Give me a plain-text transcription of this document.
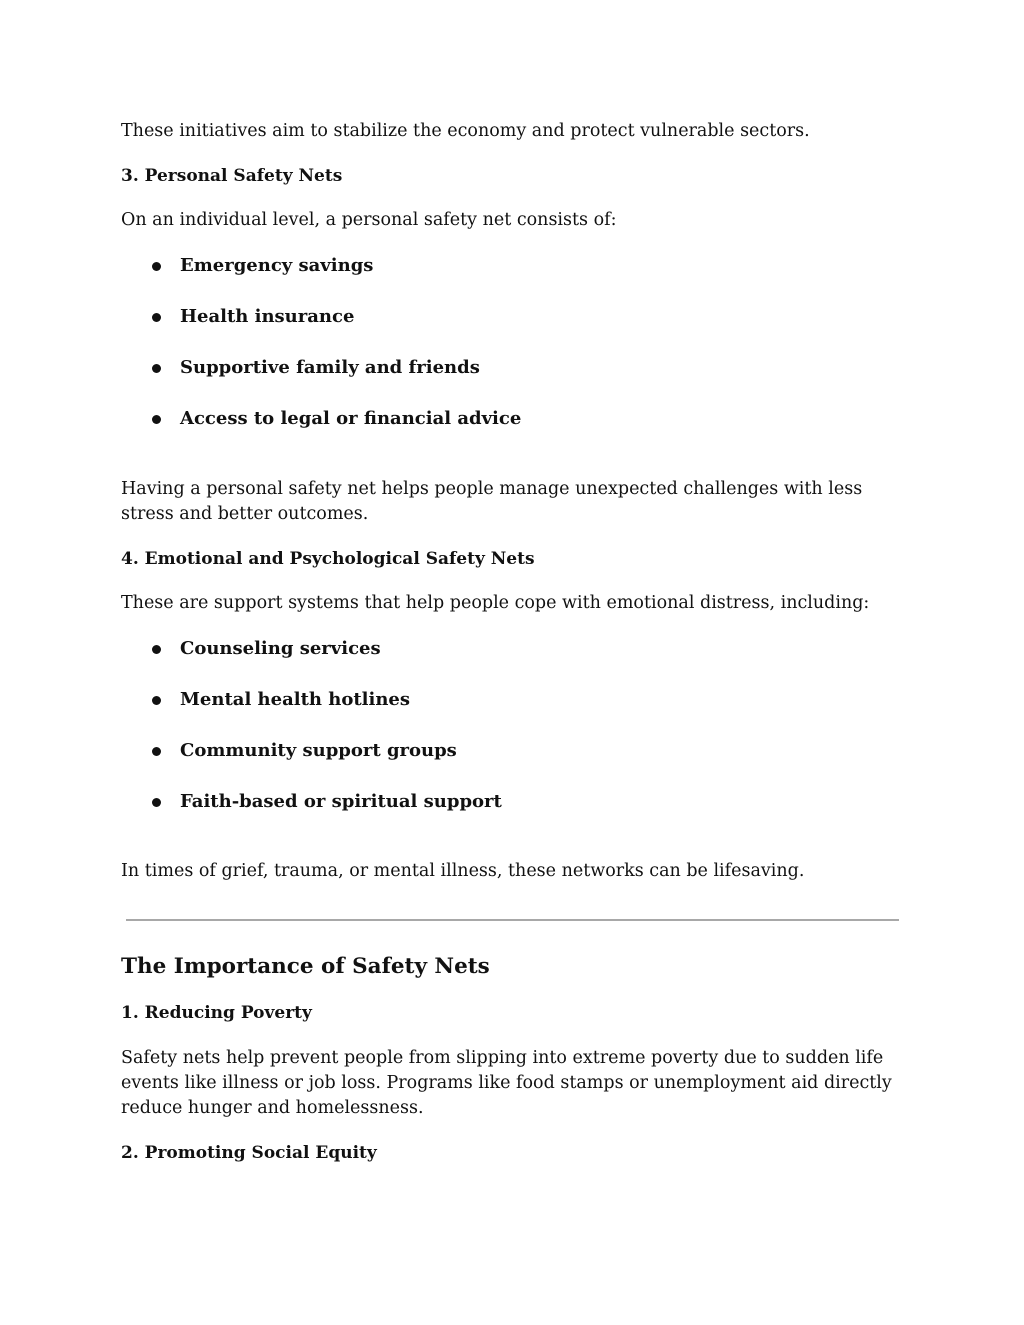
These initiatives aim to stabilize the economy and protect vulnerable sectors.

3. Personal Safety Nets

On an individual level, a personal safety net consists of:

Emergency savings
Health insurance
Supportive family and friends
Access to legal or financial advice

Having a personal safety net helps people manage unexpected challenges with less stress and better outcomes.

4. Emotional and Psychological Safety Nets

These are support systems that help people cope with emotional distress, including:

Counseling services
Mental health hotlines
Community support groups
Faith-based or spiritual support

In times of grief, trauma, or mental illness, these networks can be lifesaving.

The Importance of Safety Nets
1. Reducing Poverty

Safety nets help prevent people from slipping into extreme poverty due to sudden life events like illness or job loss. Programs like food stamps or unemployment aid directly reduce hunger and homelessness.

2. Promoting Social Equity
